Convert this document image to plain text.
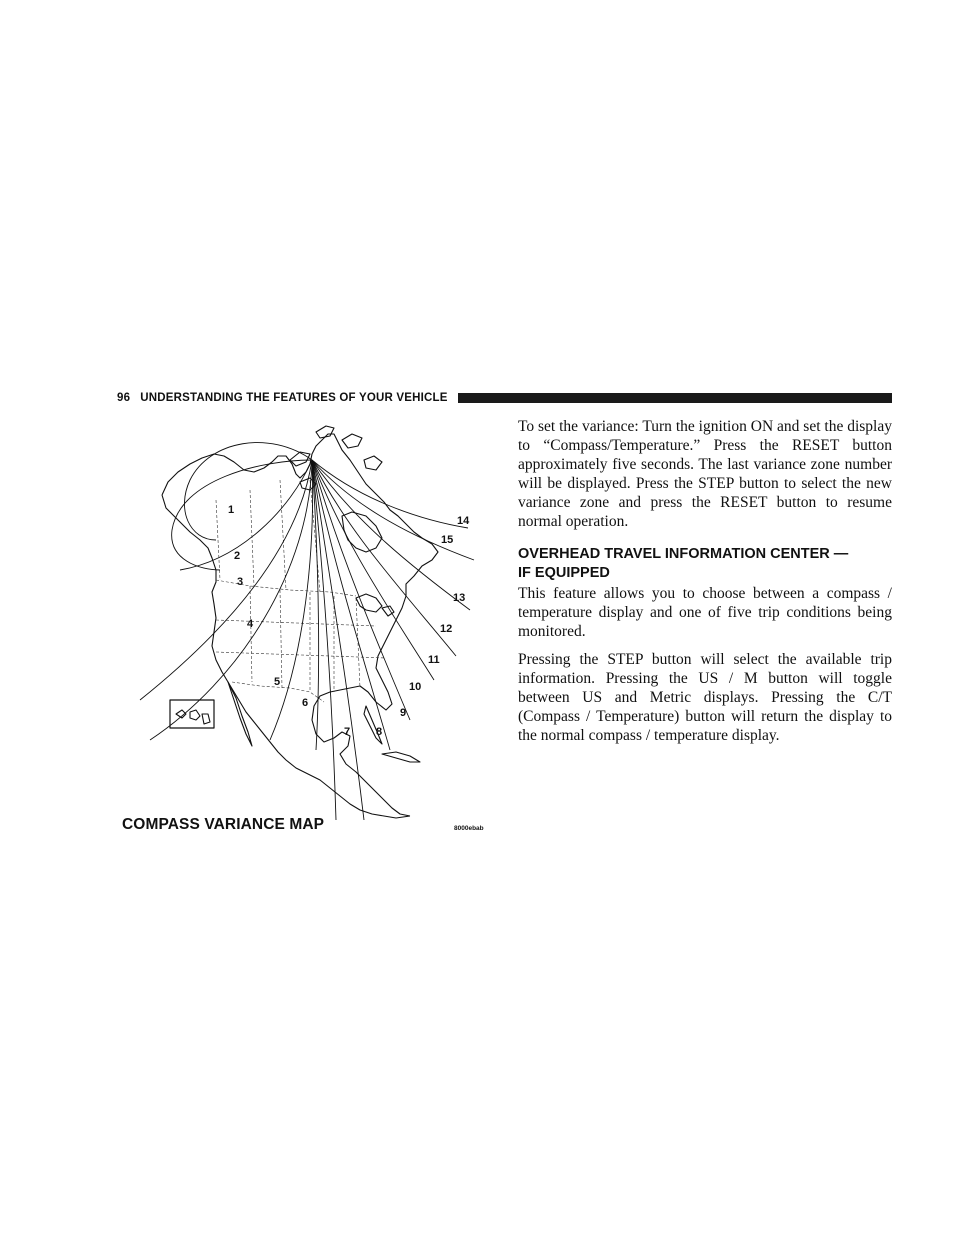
96 UNDERSTANDING THE FEATURES OF YOUR VEHICLE
1
2
3
4
5
6
7 8
9
10
11
12
13
14
15
COMPASS VARIANCE MAP	8000ebab

To set the variance: Turn the ignition ON and set the display to “Compass/Temperature.” Press the RESET button approximately five seconds. The last variance zone number will be displayed. Press the STEP button to select the new variance zone and press the RESET button to resume normal operation.

OVERHEAD TRAVEL INFORMATION CENTER —
IF EQUIPPED

This feature allows you to choose between a compass / temperature display and one of five trip conditions being monitored.

Pressing the STEP button will select the available trip information. Pressing the US / M button will toggle between US and Metric displays. Pressing the C/T (Compass / Temperature) button will return the display to the normal compass / temperature display.
